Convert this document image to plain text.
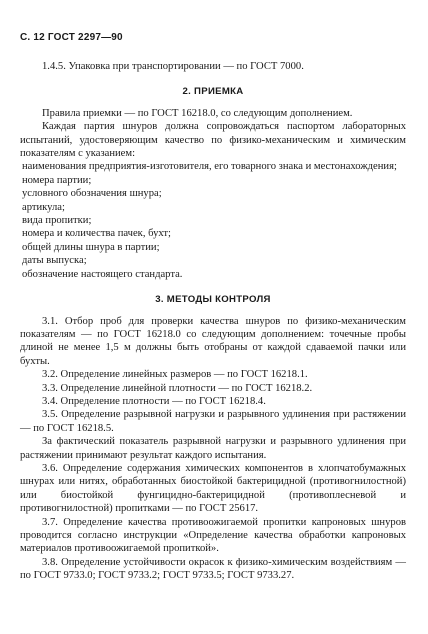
С. 12 ГОСТ 2297—90

1.4.5. Упаковка при транспортировании — по ГОСТ 7000.

2. ПРИЕМКА

Правила приемки — по ГОСТ 16218.0, со следующим дополнением.

Каждая партия шнуров должна сопровождаться паспортом лабораторных испытаний, удостоверяющим качество по физико-механическим и химическим показателям с указанием:

наименования предприятия-изготовителя, его товарного знака и местонахождения;

номера партии;

условного обозначения шнура;

артикула;

вида пропитки;

номера и количества пачек, бухт;

общей длины шнура в партии;

даты выпуска;

обозначение настоящего стандарта.

3. МЕТОДЫ КОНТРОЛЯ

3.1. Отбор проб для проверки качества шнуров по физико-механическим показателям — по ГОСТ 16218.0 со следующим дополнением: точечные пробы длиной не менее 1,5 м должны быть отобраны от каждой сдаваемой пачки или бухты.

3.2. Определение линейных размеров — по ГОСТ 16218.1.

3.3. Определение линейной плотности — по ГОСТ 16218.2.

3.4. Определение плотности — по ГОСТ 16218.4.

3.5. Определение разрывной нагрузки и разрывного удлинения при растяжении — по ГОСТ 16218.5.

За фактический показатель разрывной нагрузки и разрывного удлинения при растяжении принимают результат каждого испытания.

3.6. Определение содержания химических компонентов в хлопчатобумажных шнурах или нитях, обработанных биостойкой бактерицидной (противогнилостной) или биостойкой фунгицидно-бактерицидной (противоплесневой и противогнилостной) пропитками — по ГОСТ 25617.

3.7. Определение качества противоожигаемой пропитки капроновых шнуров проводится согласно инструкции «Определение качества обработки капроновых материалов противоожигаемой пропиткой».

3.8. Определение устойчивости окрасок к физико-химическим воздействиям — по ГОСТ 9733.0; ГОСТ 9733.2; ГОСТ 9733.5; ГОСТ 9733.27.
